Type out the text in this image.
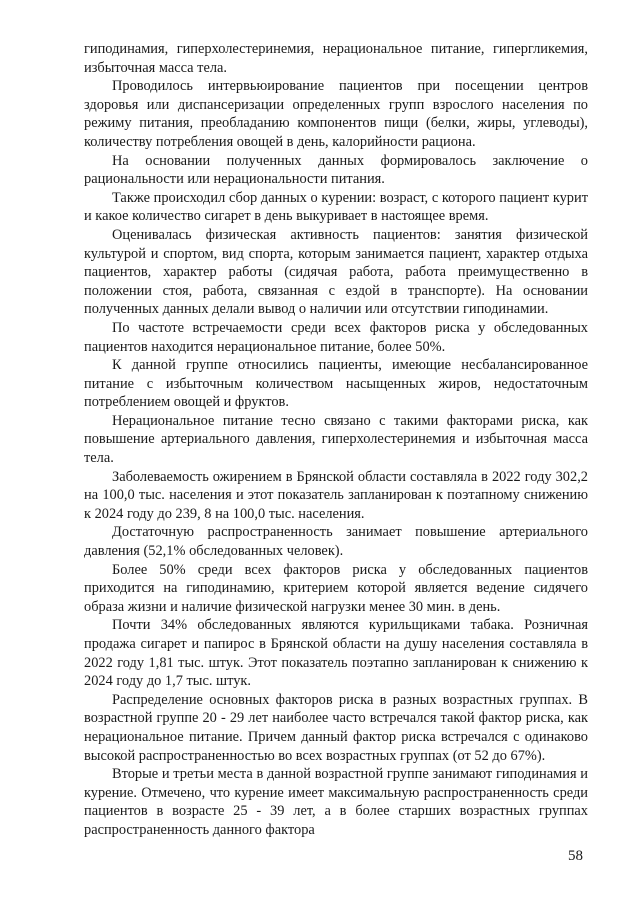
гиподинамия, гиперхолестеринемия, нерациональное питание, гипергликемия, избыточная масса тела.

Проводилось интервьюирование пациентов при посещении центров здоровья или диспансеризации определенных групп взрослого населения по режиму питания, преобладанию компонентов пищи (белки, жиры, углеводы), количеству потребления овощей в день, калорийности рациона.

На основании полученных данных формировалось заключение о рациональности или нерациональности питания.

Также происходил сбор данных о курении: возраст, с которого пациент курит и какое количество сигарет в день выкуривает в настоящее время.

Оценивалась физическая активность пациентов: занятия физической культурой и спортом, вид спорта, которым занимается пациент, характер отдыха пациентов, характер работы (сидячая работа, работа преимущественно в положении стоя, работа, связанная с ездой в транспорте). На основании полученных данных делали вывод о наличии или отсутствии гиподинамии.

По частоте встречаемости среди всех факторов риска у обследованных пациентов находится нерациональное питание, более 50%.

К данной группе относились пациенты, имеющие несбалансированное питание с избыточным количеством насыщенных жиров, недостаточным потреблением овощей и фруктов.

Нерациональное питание тесно связано с такими факторами риска, как повышение артериального давления, гиперхолестеринемия и избыточная масса тела.

Заболеваемость ожирением в Брянской области составляла в 2022 году 302,2 на 100,0 тыс. населения и этот показатель запланирован к поэтапному снижению к 2024 году до 239, 8 на 100,0 тыс. населения.

Достаточную распространенность занимает повышение артериального давления (52,1% обследованных человек).

Более 50% среди всех факторов риска у обследованных пациентов приходится на гиподинамию, критерием которой является ведение сидячего образа жизни и наличие физической нагрузки менее 30 мин. в день.

Почти 34% обследованных являются курильщиками табака. Розничная продажа сигарет и папирос в Брянской области на душу населения составляла в 2022 году 1,81 тыс. штук. Этот показатель поэтапно запланирован к снижению к 2024 году до 1,7 тыс. штук.

Распределение основных факторов риска в разных возрастных группах. В возрастной группе 20 - 29 лет наиболее часто встречался такой фактор риска, как нерациональное питание. Причем данный фактор риска встречался с одинаково высокой распространенностью во всех возрастных группах (от 52 до 67%).

Вторые и третьи места в данной возрастной группе занимают гиподинамия и курение. Отмечено, что курение имеет максимальную распространенность среди пациентов в возрасте 25 - 39 лет, а в более старших возрастных группах распространенность данного фактора

58
